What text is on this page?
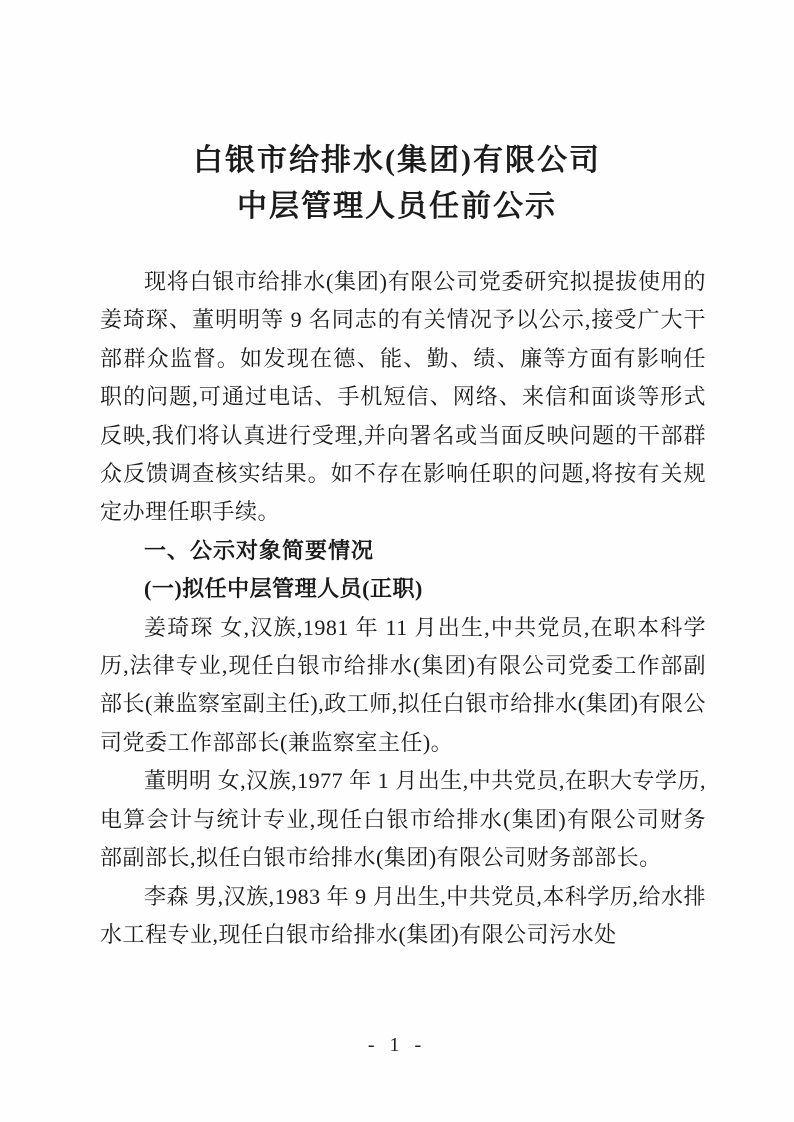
白银市给排水(集团)有限公司
中层管理人员任前公示

现将白银市给排水(集团)有限公司党委研究拟提拔使用的姜琦琛、董明明等 9 名同志的有关情况予以公示,接受广大干部群众监督。如发现在德、能、勤、绩、廉等方面有影响任职的问题,可通过电话、手机短信、网络、来信和面谈等形式反映,我们将认真进行受理,并向署名或当面反映问题的干部群众反馈调查核实结果。如不存在影响任职的问题,将按有关规定办理任职手续。

一、公示对象简要情况

(一)拟任中层管理人员(正职)

姜琦琛 女,汉族,1981 年 11 月出生,中共党员,在职本科学历,法律专业,现任白银市给排水(集团)有限公司党委工作部副部长(兼监察室副主任),政工师,拟任白银市给排水(集团)有限公司党委工作部部长(兼监察室主任)。

董明明 女,汉族,1977 年 1 月出生,中共党员,在职大专学历,电算会计与统计专业,现任白银市给排水(集团)有限公司财务部副部长,拟任白银市给排水(集团)有限公司财务部部长。

李森 男,汉族,1983 年 9 月出生,中共党员,本科学历,给水排水工程专业,现任白银市给排水(集团)有限公司污水处

- 1 -
